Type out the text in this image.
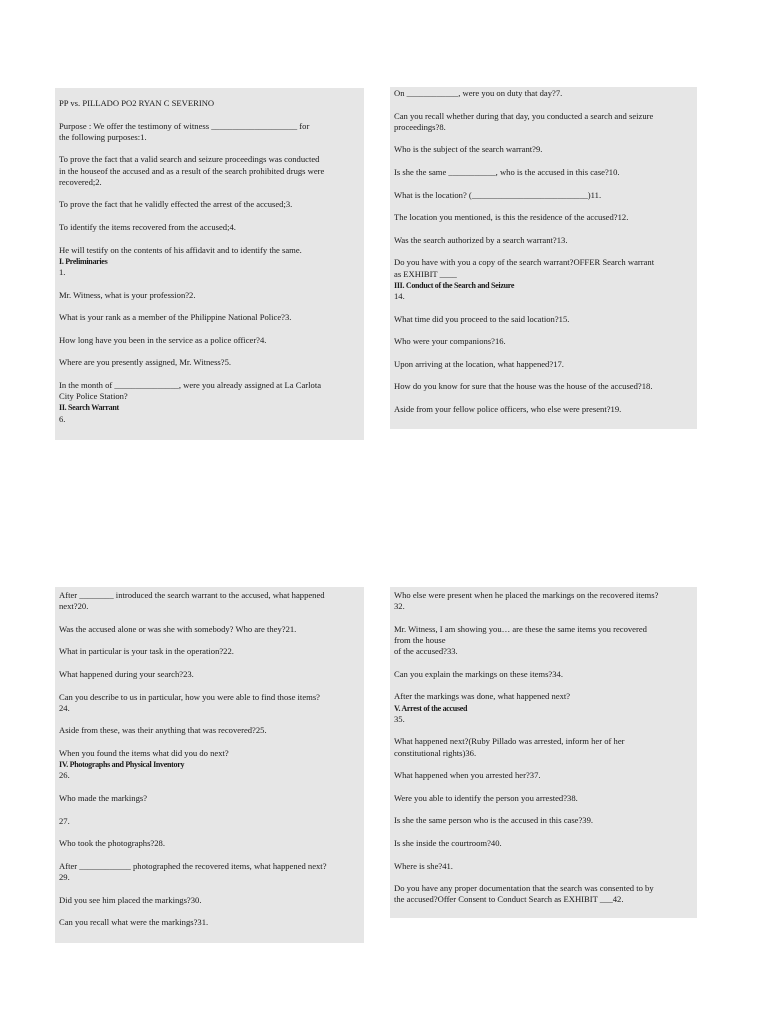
PP vs. PILLADO PO2 RYAN C SEVERINO
Purpose : We offer the testimony of witness ____________________ for
the following purposes:1.
To prove the fact that a valid search and seizure proceedings was conducted
in the houseof the accused and as a result of the search prohibited drugs were
recovered;2.
To prove the fact that he validly effected the arrest of the accused;3.
To identify the items recovered from the accused;4.
He will testify on the contents of his affidavit and to identify the same.
I. Preliminaries
1.
Mr. Witness, what is your profession?2.
What is your rank as a member of the Philippine National Police?3.
How long have you been in the service as a police officer?4.
Where are you presently assigned, Mr. Witness?5.
In the month of _______________, were you already assigned at La Carlota
City Police Station?
II. Search Warrant
6.
On ____________, were you on duty that day?7.
Can you recall whether during that day, you conducted a search and seizure
proceedings?8.
Who is the subject of the search warrant?9.
Is she the same ___________, who is the accused in this case?10.
What is the location? (___________________________)11.
The location you mentioned, is this the residence of the accused?12.
Was the search authorized by a search warrant?13.
Do you have with you a copy of the search warrant?OFFER Search warrant
as EXHIBIT ____
III. Conduct of the Search and Seizure
14.
What time did you proceed to the said location?15.
Who were your companions?16.
Upon arriving at the location, what happened?17.
How do you know for sure that the house was the house of the accused?18.
Aside from your fellow police officers, who else were present?19.
After ________ introduced the search warrant to the accused, what happened
next?20.
Was the accused alone or was she with somebody? Who are they?21.
What in particular is your task in the operation?22.
What happened during your search?23.
Can you describe to us in particular, how you were able to find those items?
24.
Aside from these, was their anything that was recovered?25.
When you found the items what did you do next?
IV. Photographs and Physical Inventory
26.
Who made the markings?
27.
Who took the photographs?28.
After ____________ photographed the recovered items, what happened next?
29.
Did you see him placed the markings?30.
Can you recall what were the markings?31.
Who else were present when he placed the markings on the recovered items?
32.
Mr. Witness, I am showing you… are these the same items you recovered
from the house
of the accused?33.
Can you explain the markings on these items?34.
After the markings was done, what happened next?
V. Arrest of the accused
35.
What happened next?(Ruby Pillado was arrested, inform her of her
constitutional rights)36.
What happened when you arrested her?37.
Were you able to identify the person you arrested?38.
Is she the same person who is the accused in this case?39.
Is she inside the courtroom?40.
Where is she?41.
Do you have any proper documentation that the search was consented to by
the accused?Offer Consent to Conduct Search as EXHIBIT ___42.
